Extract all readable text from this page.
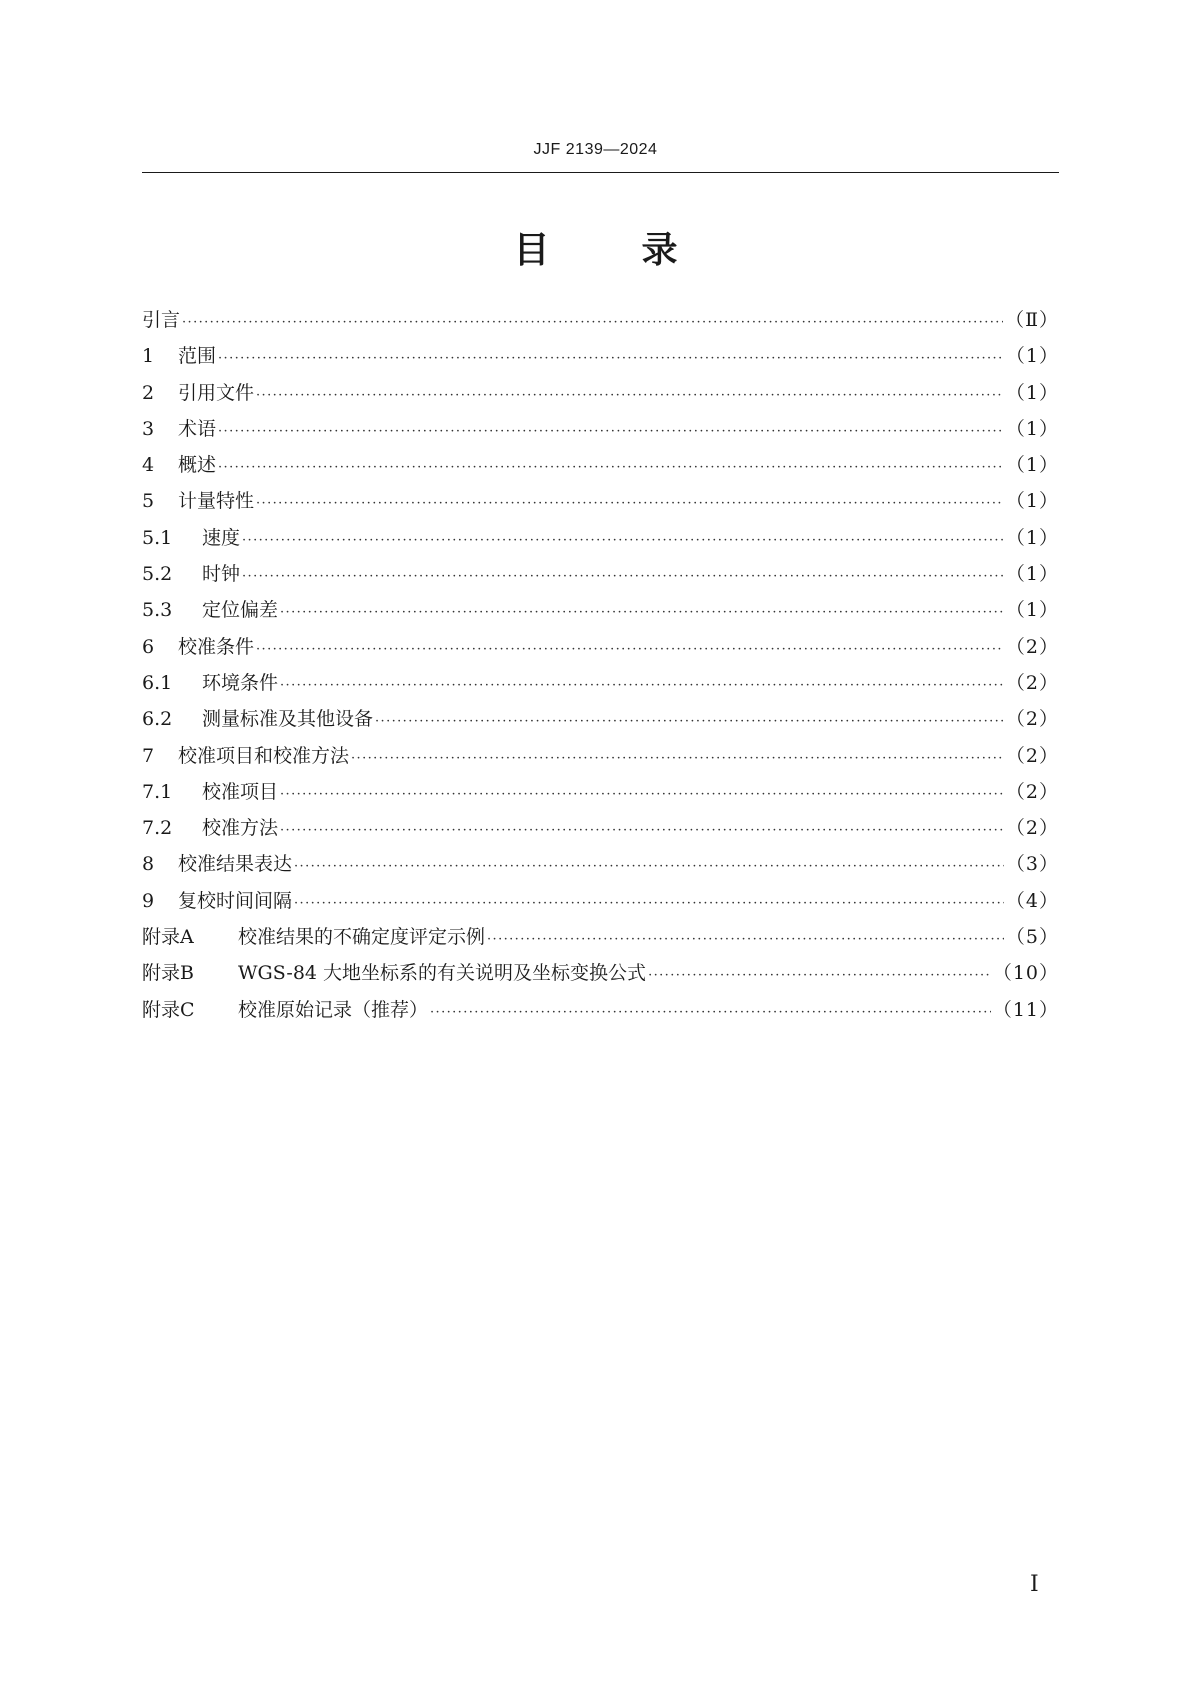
JJF 2139—2024
目	录
引言 ·····	（Ⅱ）
1	范围 ·····	（1）
2	引用文件 ·····	（1）
3	术语 ·····	（1）
4	概述 ·····	（1）
5	计量特性 ·····	（1）
5.1	速度 ·····	（1）
5.2	时钟 ·····	（1）
5.3	定位偏差 ·····	（1）
6	校准条件 ·····	（2）
6.1	环境条件 ·····	（2）
6.2	测量标准及其他设备 ·····	（2）
7	校准项目和校准方法 ·····	（2）
7.1	校准项目 ·····	（2）
7.2	校准方法 ·····	（2）
8	校准结果表达 ·····	（3）
9	复校时间间隔 ·····	（4）
附录A	校准结果的不确定度评定示例 ·····	（5）
附录B	WGS-84 大地坐标系的有关说明及坐标变换公式 ·····	（10）
附录C	校准原始记录（推荐） ·····	（11）
Ⅰ
